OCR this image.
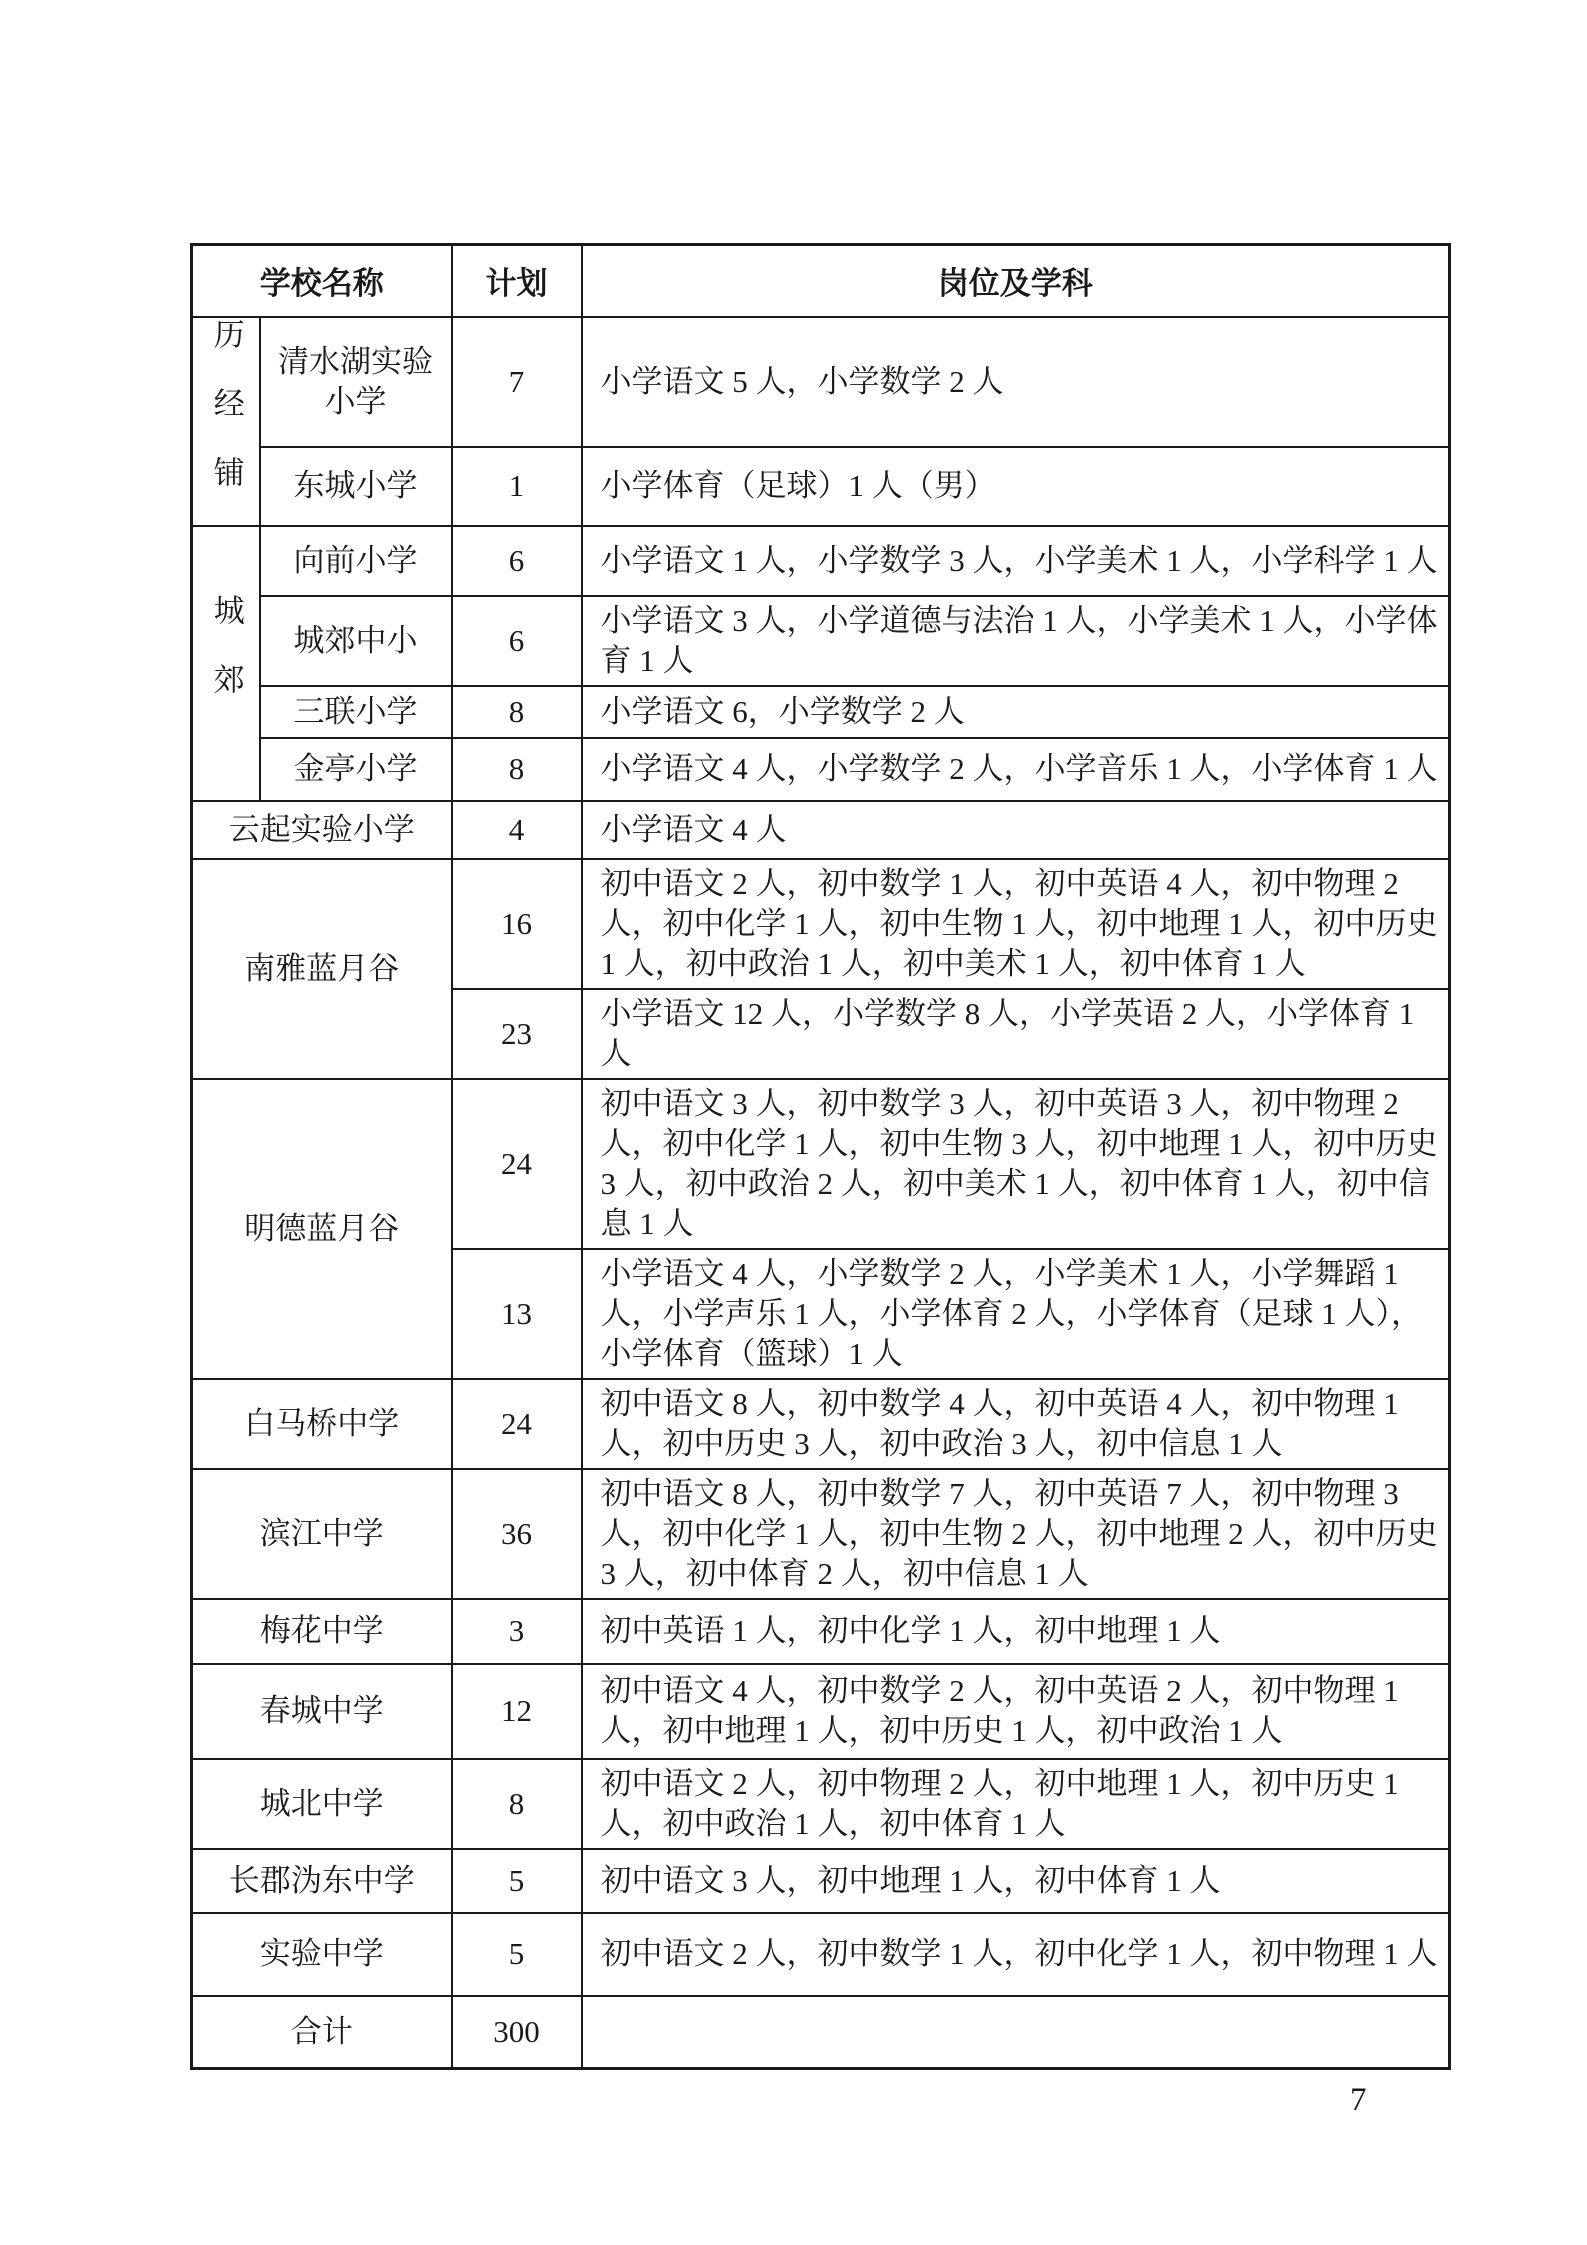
学校名称		计划	岗位及学科

历经铺	清水湖实验小学	7	小学语文 5 人，小学数学 2 人
	东城小学	1	小学体育（足球）1 人（男）

城郊	向前小学	6	小学语文 1 人，小学数学 3 人，小学美术 1 人，小学科学 1 人
	城郊中小	6	小学语文 3 人，小学道德与法治 1 人，小学美术 1 人，小学体育 1 人
	三联小学	8	小学语文 6，小学数学 2 人
	金亭小学	8	小学语文 4 人，小学数学 2 人，小学音乐 1 人，小学体育 1 人
云起实验小学		4	小学语文 4 人
南雅蓝月谷		16	初中语文 2 人，初中数学 1 人，初中英语 4 人，初中物理 2 人，初中化学 1 人，初中生物 1 人，初中地理 1 人，初中历史 1 人，初中政治 1 人，初中美术 1 人，初中体育 1 人
		23	小学语文 12 人，小学数学 8 人，小学英语 2 人，小学体育 1 人
明德蓝月谷		24	初中语文 3 人，初中数学 3 人，初中英语 3 人，初中物理 2 人，初中化学 1 人，初中生物 3 人，初中地理 1 人，初中历史 3 人，初中政治 2 人，初中美术 1 人，初中体育 1 人，初中信息 1 人
		13	小学语文 4 人，小学数学 2 人，小学美术 1 人，小学舞蹈 1 人，小学声乐 1 人，小学体育 2 人，小学体育（足球 1 人），小学体育（篮球）1 人
白马桥中学		24	初中语文 8 人，初中数学 4 人，初中英语 4 人，初中物理 1 人，初中历史 3 人，初中政治 3 人，初中信息 1 人
滨江中学		36	初中语文 8 人，初中数学 7 人，初中英语 7 人，初中物理 3 人，初中化学 1 人，初中生物 2 人，初中地理 2 人，初中历史 3 人，初中体育 2 人，初中信息 1 人
梅花中学		3	初中英语 1 人，初中化学 1 人，初中地理 1 人
春城中学		12	初中语文 4 人，初中数学 2 人，初中英语 2 人，初中物理 1 人，初中地理 1 人，初中历史 1 人，初中政治 1 人
城北中学		8	初中语文 2 人，初中物理 2 人，初中地理 1 人，初中历史 1 人，初中政治 1 人，初中体育 1 人
长郡沩东中学		5	初中语文 3 人，初中地理 1 人，初中体育 1 人
实验中学		5	初中语文 2 人，初中数学 1 人，初中化学 1 人，初中物理 1 人
合计		300	
7
